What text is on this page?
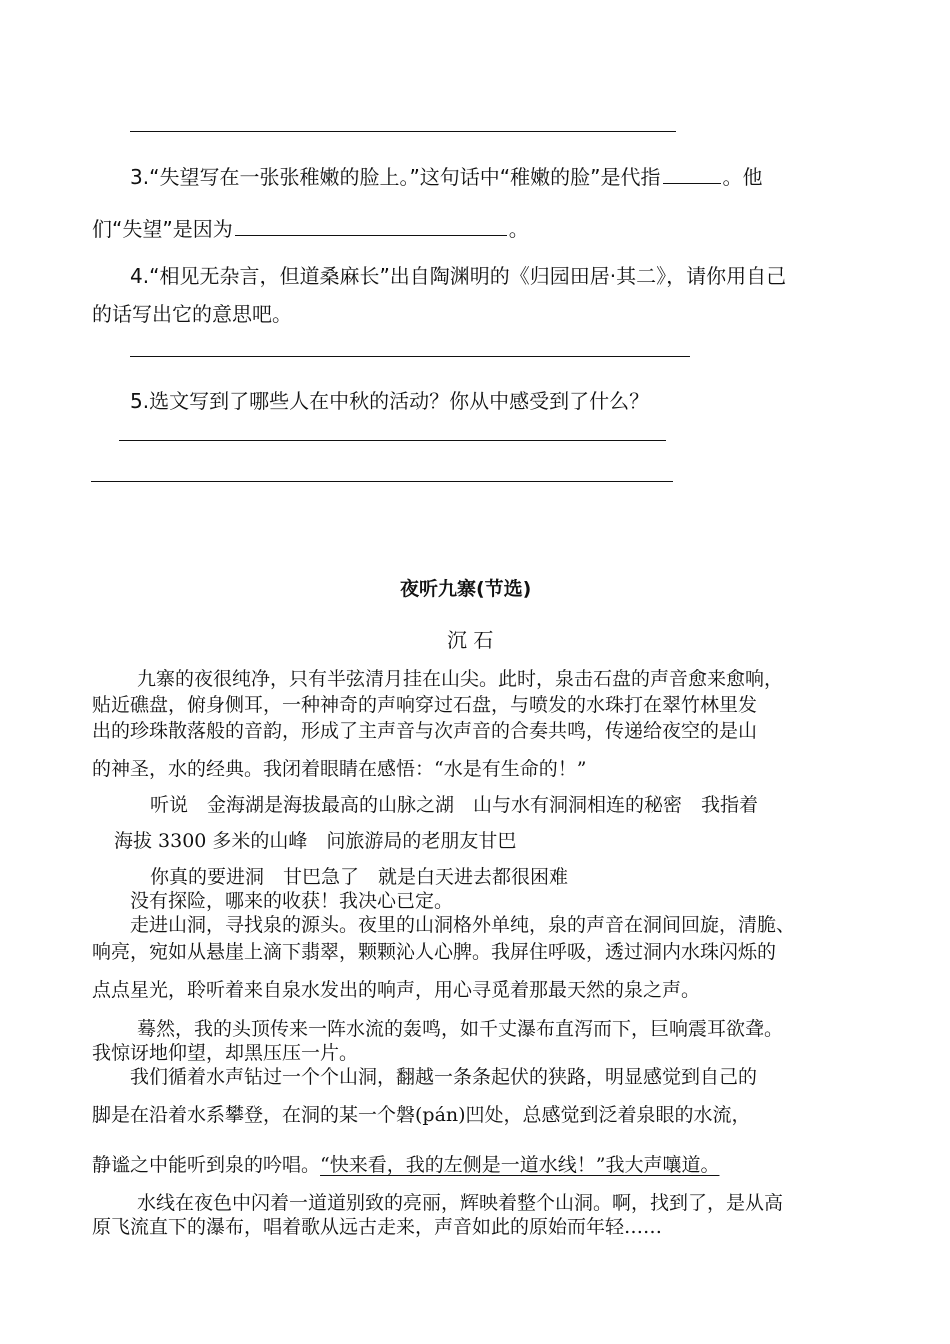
3.“失望写在一张张稚嫩的脸上。”这句话中“稚嫩的脸”是代指	。他
们“失望”是因为	。
4.“相见无杂言，但道桑麻长”出自陶渊明的《归园田居·其二》，请你用自己
的话写出它的意思吧。
5.选文写到了哪些人在中秋的活动？你从中感受到了什么？
夜听九寨(节选)
沉 石
九寨的夜很纯净，只有半弦清月挂在山尖。此时，泉击石盘的声音愈来愈响，
贴近礁盘，俯身侧耳，一种神奇的声响穿过石盘，与喷发的水珠打在翠竹林里发
出的珍珠散落般的音韵，形成了主声音与次声音的合奏共鸣，传递给夜空的是山
的神圣，水的经典。我闭着眼睛在感悟：“水是有生命的！”
听说　金海湖是海拔最高的山脉之湖　山与水有洞洞相连的秘密　我指着
海拔 3300 多米的山峰　问旅游局的老朋友甘巴
你真的要进洞　甘巴急了　就是白天进去都很困难
没有探险，哪来的收获！我决心已定。
走进山洞，寻找泉的源头。夜里的山洞格外单纯，泉的声音在洞间回旋，清脆、
响亮，宛如从悬崖上滴下翡翠，颗颗沁人心脾。我屏住呼吸，透过洞内水珠闪烁的
点点星光，聆听着来自泉水发出的响声，用心寻觅着那最天然的泉之声。
蓦然，我的头顶传来一阵水流的轰鸣，如千丈瀑布直泻而下，巨响震耳欲聋。
我惊讶地仰望，却黑压压一片。
我们循着水声钻过一个个山洞，翻越一条条起伏的狭路，明显感觉到自己的
脚是在沿着水系攀登，在洞的某一个磐(pán)凹处，总感觉到泛着泉眼的水流，
静谧之中能听到泉的吟唱。“快来看，我的左侧是一道水线！”我大声嚷道。
水线在夜色中闪着一道道别致的亮丽，辉映着整个山洞。啊，找到了，是从高
原飞流直下的瀑布，唱着歌从远古走来，声音如此的原始而年轻……
